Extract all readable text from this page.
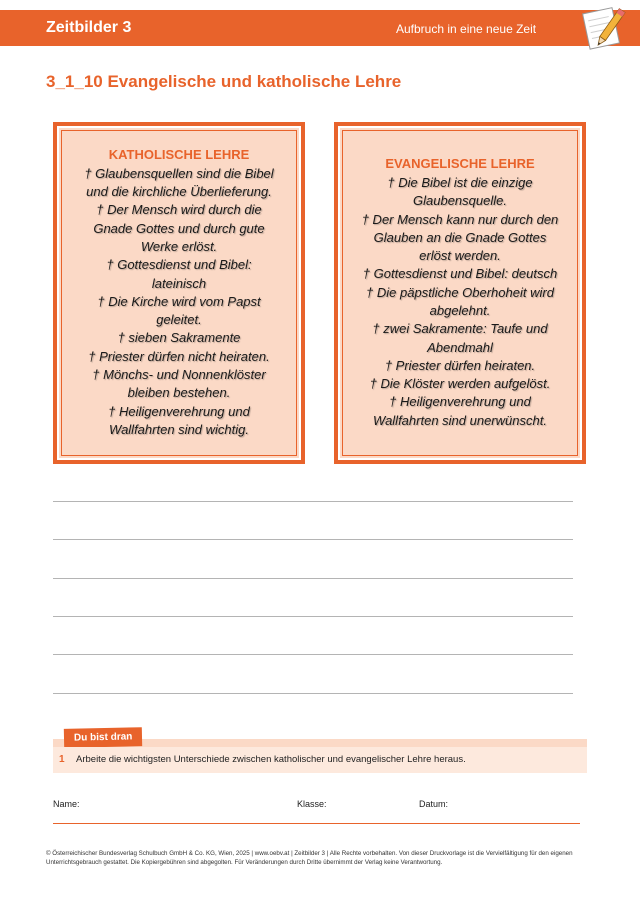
Zeitbilder 3	Aufbruch in eine neue Zeit
3_1_10 Evangelische und katholische Lehre
KATHOLISCHE LEHRE
† Glaubensquellen sind die Bibel
und die kirchliche Überlieferung.
† Der Mensch wird durch die
Gnade Gottes und durch gute
Werke erlöst.
† Gottesdienst und Bibel:
lateinisch
† Die Kirche wird vom Papst
geleitet.
† sieben Sakramente
† Priester dürfen nicht heiraten.
† Mönchs- und Nonnenklöster
bleiben bestehen.
† Heiligenverehrung und
Wallfahrten sind wichtig.
EVANGELISCHE LEHRE
† Die Bibel ist die einzige
Glaubensquelle.
† Der Mensch kann nur durch den
Glauben an die Gnade Gottes
erlöst werden.
† Gottesdienst und Bibel: deutsch
† Die päpstliche Oberhoheit wird
abgelehnt.
† zwei Sakramente: Taufe und
Abendmahl
† Priester dürfen heiraten.
† Die Klöster werden aufgelöst.
† Heiligenverehrung und
Wallfahrten sind unerwünscht.
Du bist dran
1 Arbeite die wichtigsten Unterschiede zwischen katholischer und evangelischer Lehre heraus.
Name:	Klasse:	Datum:
© Österreichischer Bundesverlag Schulbuch GmbH & Co. KG, Wien, 2025 | www.oebv.at | Zeitbilder 3 | Alle Rechte vorbehalten. Von dieser Druckvorlage ist die Vervielfältigung für den eigenen
Unterrichtsgebrauch gestattet. Die Kopiergebühren sind abgegolten. Für Veränderungen durch Dritte übernimmt der Verlag keine Verantwortung.
